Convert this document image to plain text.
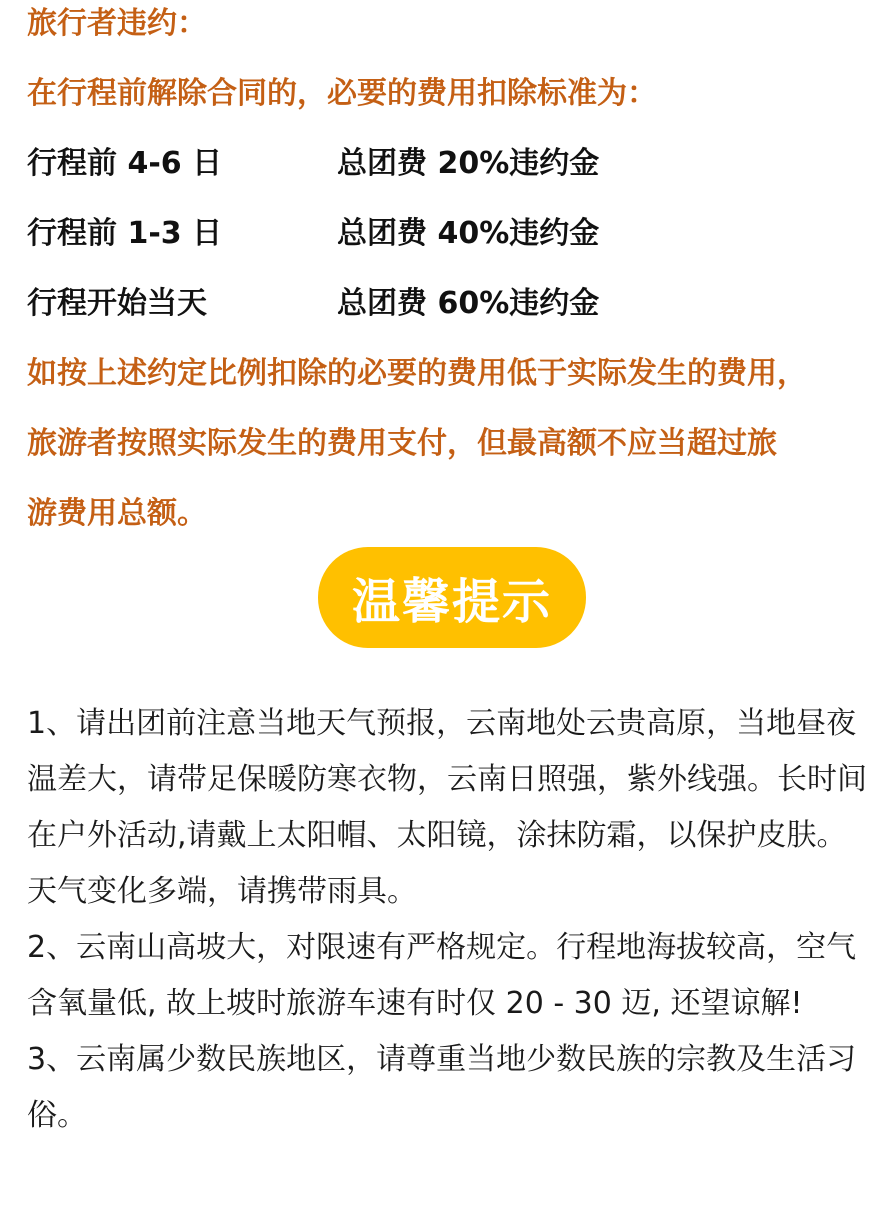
旅行者违约：
在行程前解除合同的，必要的费用扣除标准为：
行程前 4-6 日	总团费 20%违约金
行程前 1-3 日	总团费 40%违约金
行程开始当天	总团费 60%违约金
如按上述约定比例扣除的必要的费用低于实际发生的费用，
旅游者按照实际发生的费用支付，但最高额不应当超过旅
游费用总额。
温馨提示

1、请出团前注意当地天气预报，云南地处云贵高原，当地昼夜温差大，请带足保暖防寒衣物，云南日照强，紫外线强。长时间在户外活动,请戴上太阳帽、太阳镜，涂抹防霜，以保护皮肤。天气变化多端，请携带雨具。

2、云南山高坡大，对限速有严格规定。行程地海拔较高，空气含氧量低, 故上坡时旅游车速有时仅 20 - 30 迈, 还望谅解!

3、云南属少数民族地区，请尊重当地少数民族的宗教及生活习俗。
